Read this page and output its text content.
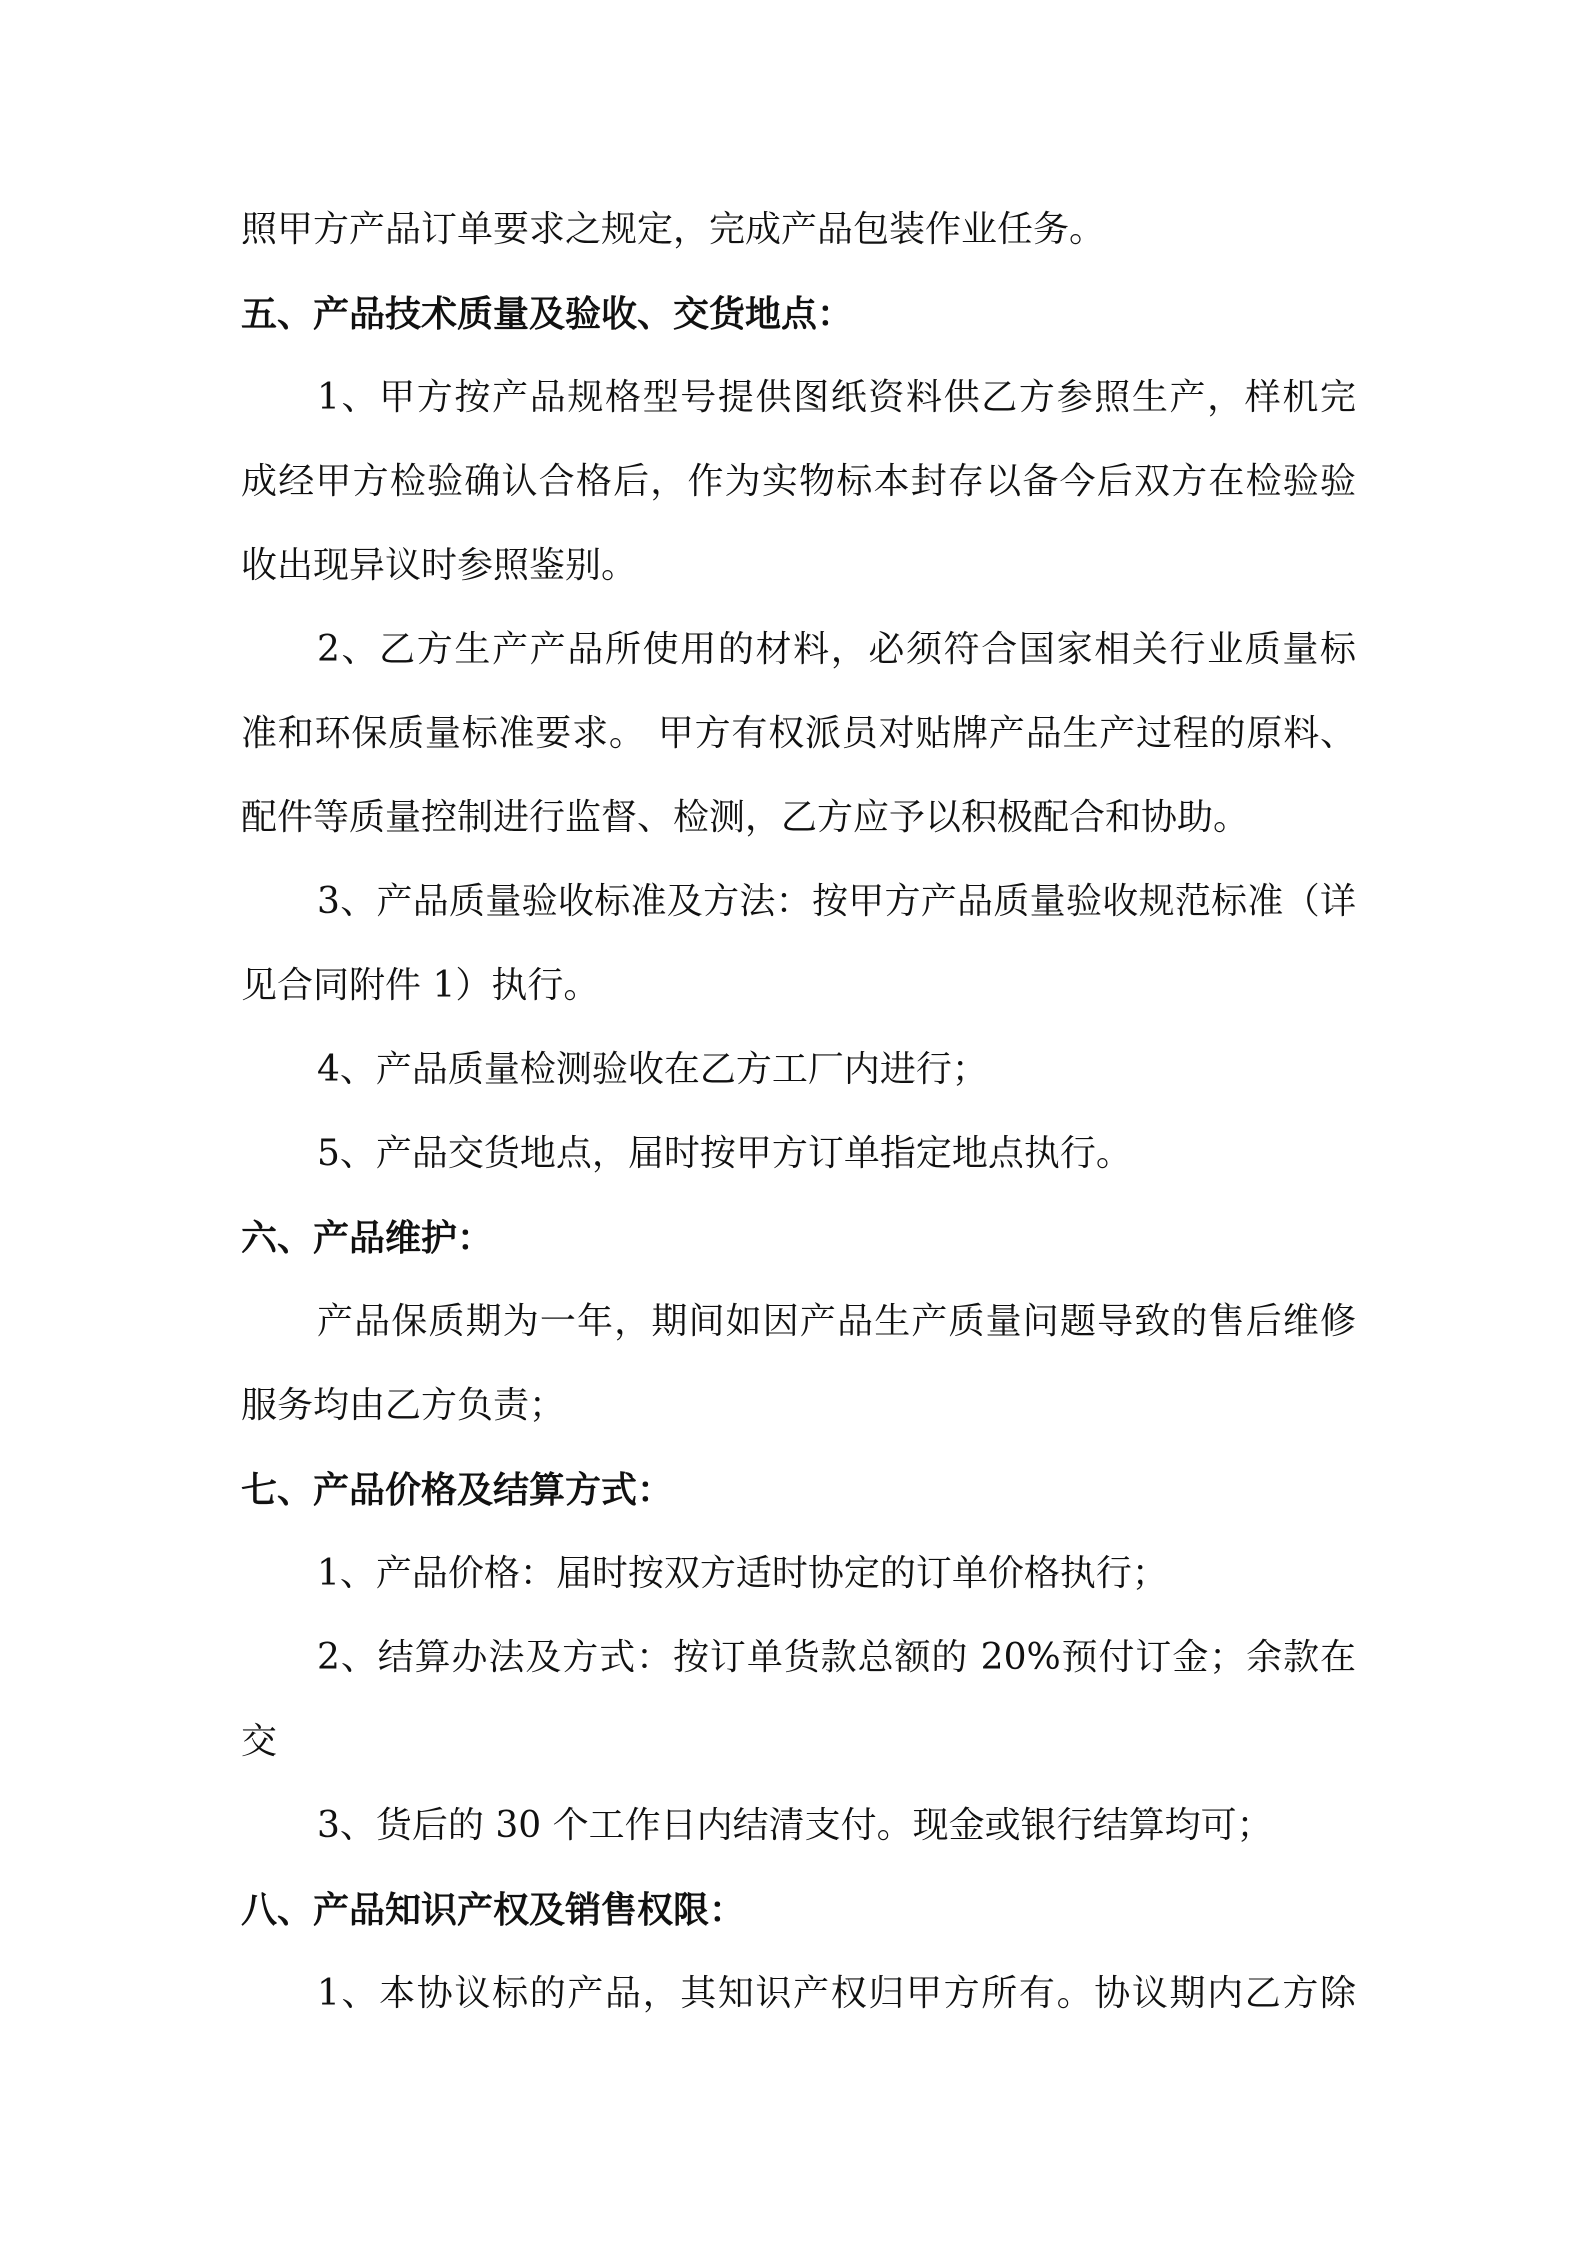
照甲方产品订单要求之规定，完成产品包装作业任务。
五、产品技术质量及验收、交货地点：
1、甲方按产品规格型号提供图纸资料供乙方参照生产，样机完
成经甲方检验确认合格后，作为实物标本封存以备今后双方在检验验
收出现异议时参照鉴别。
2、乙方生产产品所使用的材料，必须符合国家相关行业质量标
准和环保质量标准要求。 甲方有权派员对贴牌产品生产过程的原料、
配件等质量控制进行监督、检测，乙方应予以积极配合和协助。
3、产品质量验收标准及方法：按甲方产品质量验收规范标准（详
见合同附件 1）执行。
4、产品质量检测验收在乙方工厂内进行；
5、产品交货地点，届时按甲方订单指定地点执行。
六、产品维护：
产品保质期为一年，期间如因产品生产质量问题导致的售后维修
服务均由乙方负责；
七、产品价格及结算方式：
1、产品价格：届时按双方适时协定的订单价格执行；
2、结算办法及方式：按订单货款总额的 20%预付订金；余款在
交
3、货后的 30 个工作日内结清支付。现金或银行结算均可；
八、产品知识产权及销售权限：
1、本协议标的产品，其知识产权归甲方所有。协议期内乙方除
